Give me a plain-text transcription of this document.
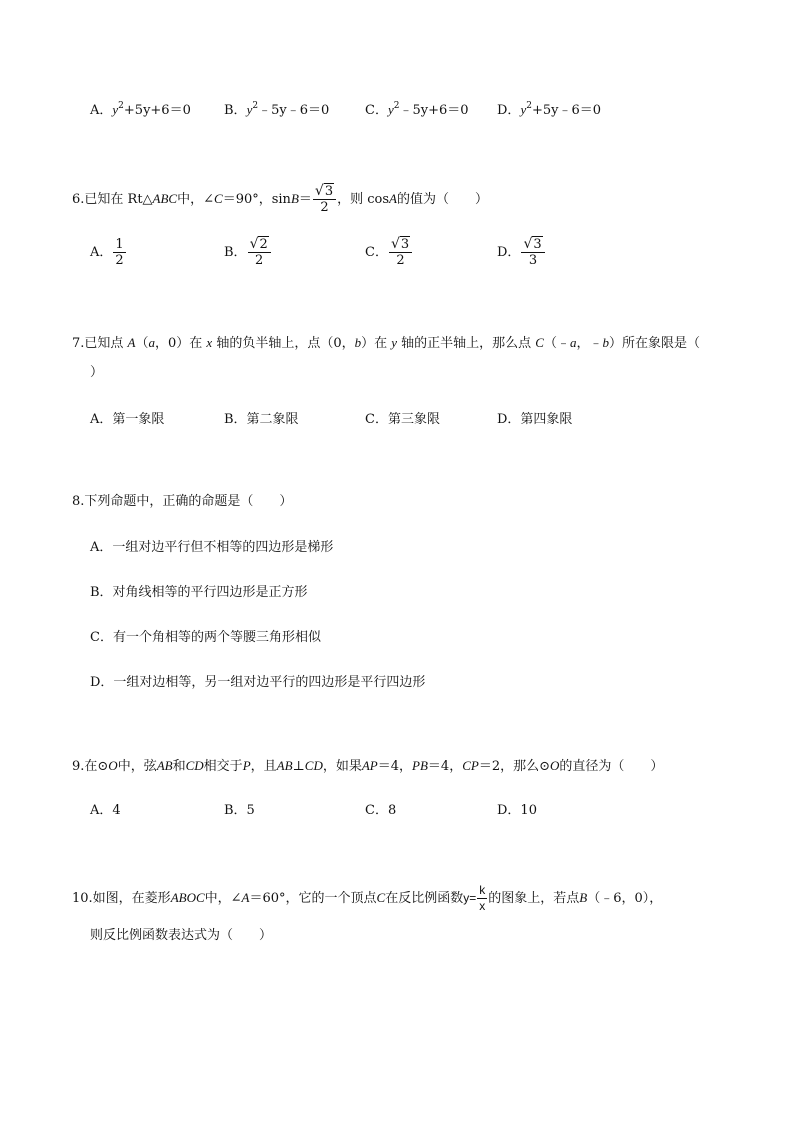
A．$y^2+5y+6=0$	B．$y^2﹣5y﹣6=0$	C．$y^2﹣5y+6=0$ D．$y^2+5y﹣6=0$
6.已知在 Rt△ABC中，∠C＝90°，$\sin B= \frac{√3}{2}$ ，则 cosA的值为（　　）
A． $\frac{1}{2}$	B． $\frac{√2}{2}$	C． $\frac{√3}{2}$	D． $\frac{√3}{3}$
7.已知点 A（a，0）在 x 轴的负半轴上，点（0，b）在 y 轴的正半轴上，那么点 C（﹣a，﹣b）所在象限是（
）
A．第一象限	B．第二象限	C．第三象限	D．第四象限
8.下列命题中，正确的命题是（　　）
A．一组对边平行但不相等的四边形是梯形
B．对角线相等的平行四边形是正方形
C．有一个角相等的两个等腰三角形相似
D．一组对边相等，另一组对边平行的四边形是平行四边形
9.在⊙O中，弦AB和CD相交于P，且AB⊥CD，如果AP＝4，PB＝4，CP＝2，那么⊙O的直径为（　　）
A．4	B．5	C．8	D．10
10.如图，在菱形ABOC中，∠A＝60°，它的一个顶点C在反比例函数$y= \frac{k}{x}$ 的图象上，若点B（﹣6，0），
则反比例函数表达式为（　　）
